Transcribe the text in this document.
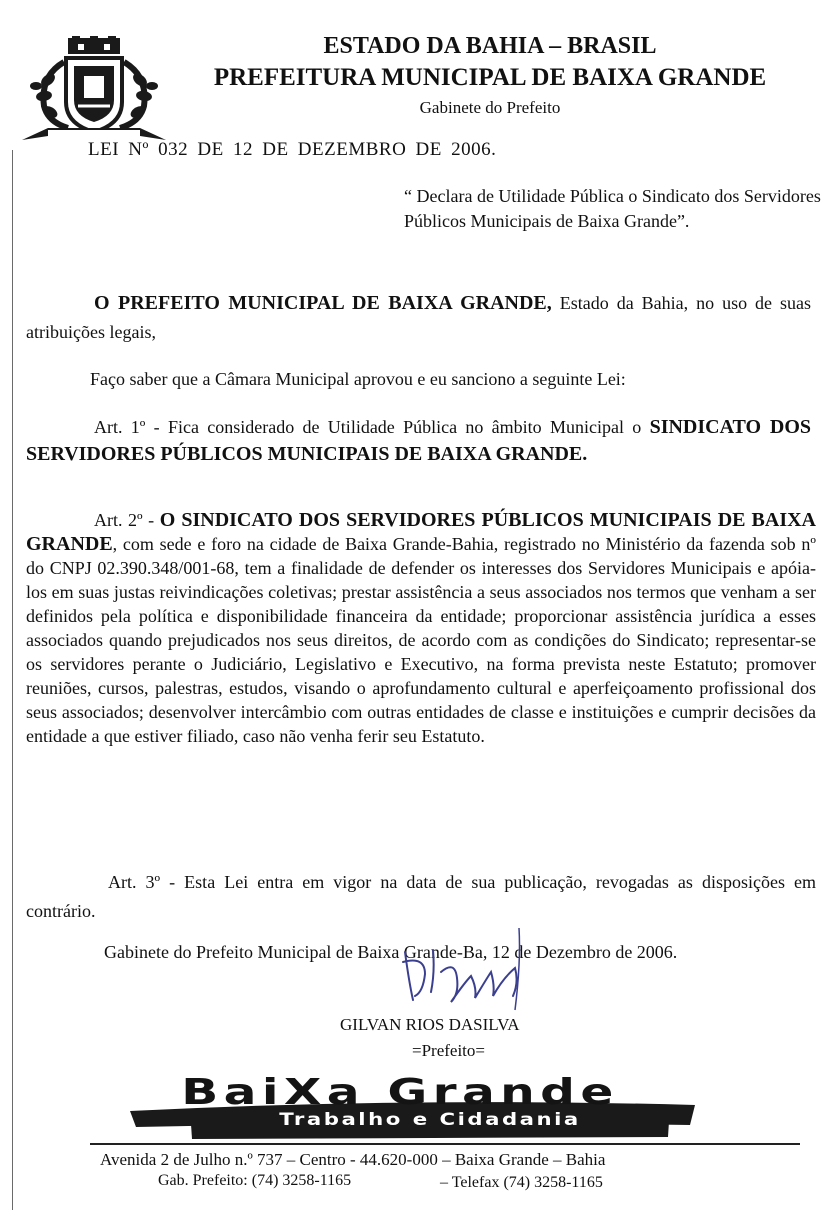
ESTADO DA BAHIA – BRASIL
PREFEITURA MUNICIPAL DE BAIXA GRANDE
Gabinete do Prefeito
LEI Nº 032 DE 12 DE DEZEMBRO DE 2006.
“ Declara de Utilidade Pública o Sindicato dos Servidores Públicos Municipais de Baixa Grande”.
O PREFEITO MUNICIPAL DE BAIXA GRANDE, Estado da Bahia, no uso de suas atribuições legais,
Faço saber que a Câmara Municipal aprovou e eu sanciono a seguinte Lei:
Art. 1º - Fica considerado de Utilidade Pública no âmbito Municipal o SINDICATO DOS SERVIDORES PÚBLICOS MUNICIPAIS DE BAIXA GRANDE.
Art. 2º - O SINDICATO DOS SERVIDORES PÚBLICOS MUNICIPAIS DE BAIXA GRANDE, com sede e foro na cidade de Baixa Grande-Bahia, registrado no Ministério da fazenda sob nº do CNPJ 02.390.348/001-68, tem a finalidade de defender os interesses dos Servidores Municipais e apóia-los em suas justas reivindicações coletivas; prestar assistência a seus associados nos termos que venham a ser definidos pela política e disponibilidade financeira da entidade; proporcionar assistência jurídica a esses associados quando prejudicados nos seus direitos, de acordo com as condições do Sindicato; representar-se os servidores perante o Judiciário, Legislativo e Executivo, na forma prevista neste Estatuto; promover reuniões, cursos, palestras, estudos, visando o aprofundamento cultural e aperfeiçoamento profissional dos seus associados; desenvolver intercâmbio com outras entidades de classe e instituições e cumprir decisões da entidade a que estiver filiado, caso não venha ferir seu Estatuto.
Art. 3º - Esta Lei entra em vigor na data de sua publicação, revogadas as disposições em contrário.
Gabinete do Prefeito Municipal de Baixa Grande-Ba, 12 de Dezembro de 2006.
GILVAN RIOS DASILVA
=Prefeito=
BaiXa Grande
Trabalho e Cidadania
Avenida 2 de Julho n.º 737 – Centro - 44.620-000 – Baixa Grande – Bahia
Gab. Prefeito: (74) 3258-1165	– Telefax (74) 3258-1165
